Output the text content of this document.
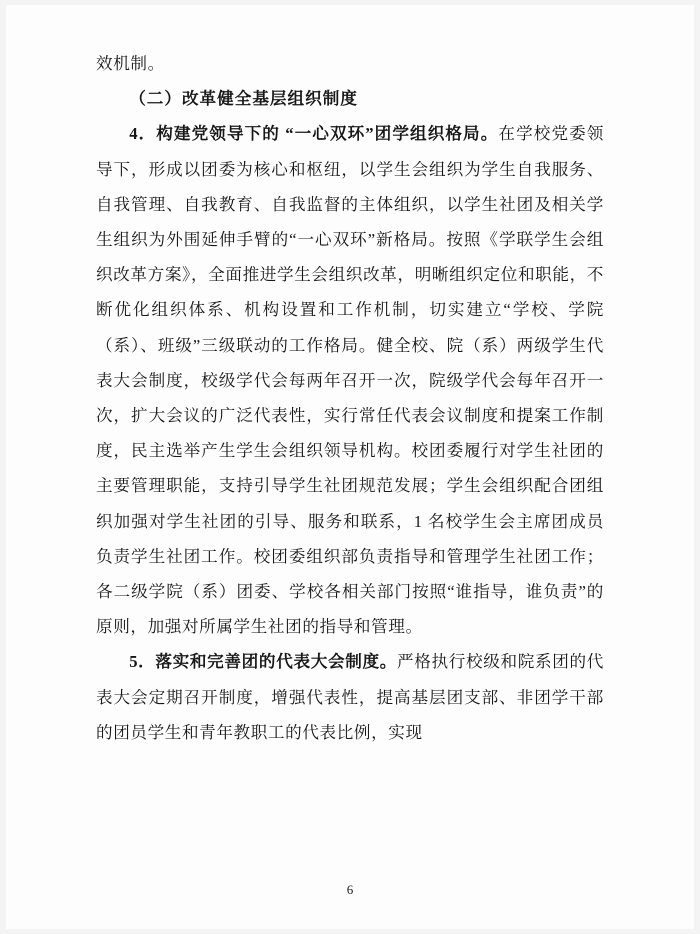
效机制。

（二）改革健全基层组织制度

4．构建党领导下的 “一心双环”团学组织格局。在学校党委领导下，形成以团委为核心和枢纽，以学生会组织为学生自我服务、自我管理、自我教育、自我监督的主体组织，以学生社团及相关学生组织为外围延伸手臂的“一心双环”新格局。按照《学联学生会组织改革方案》，全面推进学生会组织改革，明晰组织定位和职能，不断优化组织体系、机构设置和工作机制，切实建立“学校、学院（系）、班级”三级联动的工作格局。健全校、院（系）两级学生代表大会制度，校级学代会每两年召开一次，院级学代会每年召开一次，扩大会议的广泛代表性，实行常任代表会议制度和提案工作制度，民主选举产生学生会组织领导机构。校团委履行对学生社团的主要管理职能，支持引导学生社团规范发展；学生会组织配合团组织加强对学生社团的引导、服务和联系，1 名校学生会主席团成员负责学生社团工作。校团委组织部负责指导和管理学生社团工作；各二级学院（系）团委、学校各相关部门按照“谁指导，谁负责”的原则，加强对所属学生社团的指导和管理。

5．落实和完善团的代表大会制度。严格执行校级和院系团的代表大会定期召开制度，增强代表性，提高基层团支部、非团学干部的团员学生和青年教职工的代表比例，实现

6
